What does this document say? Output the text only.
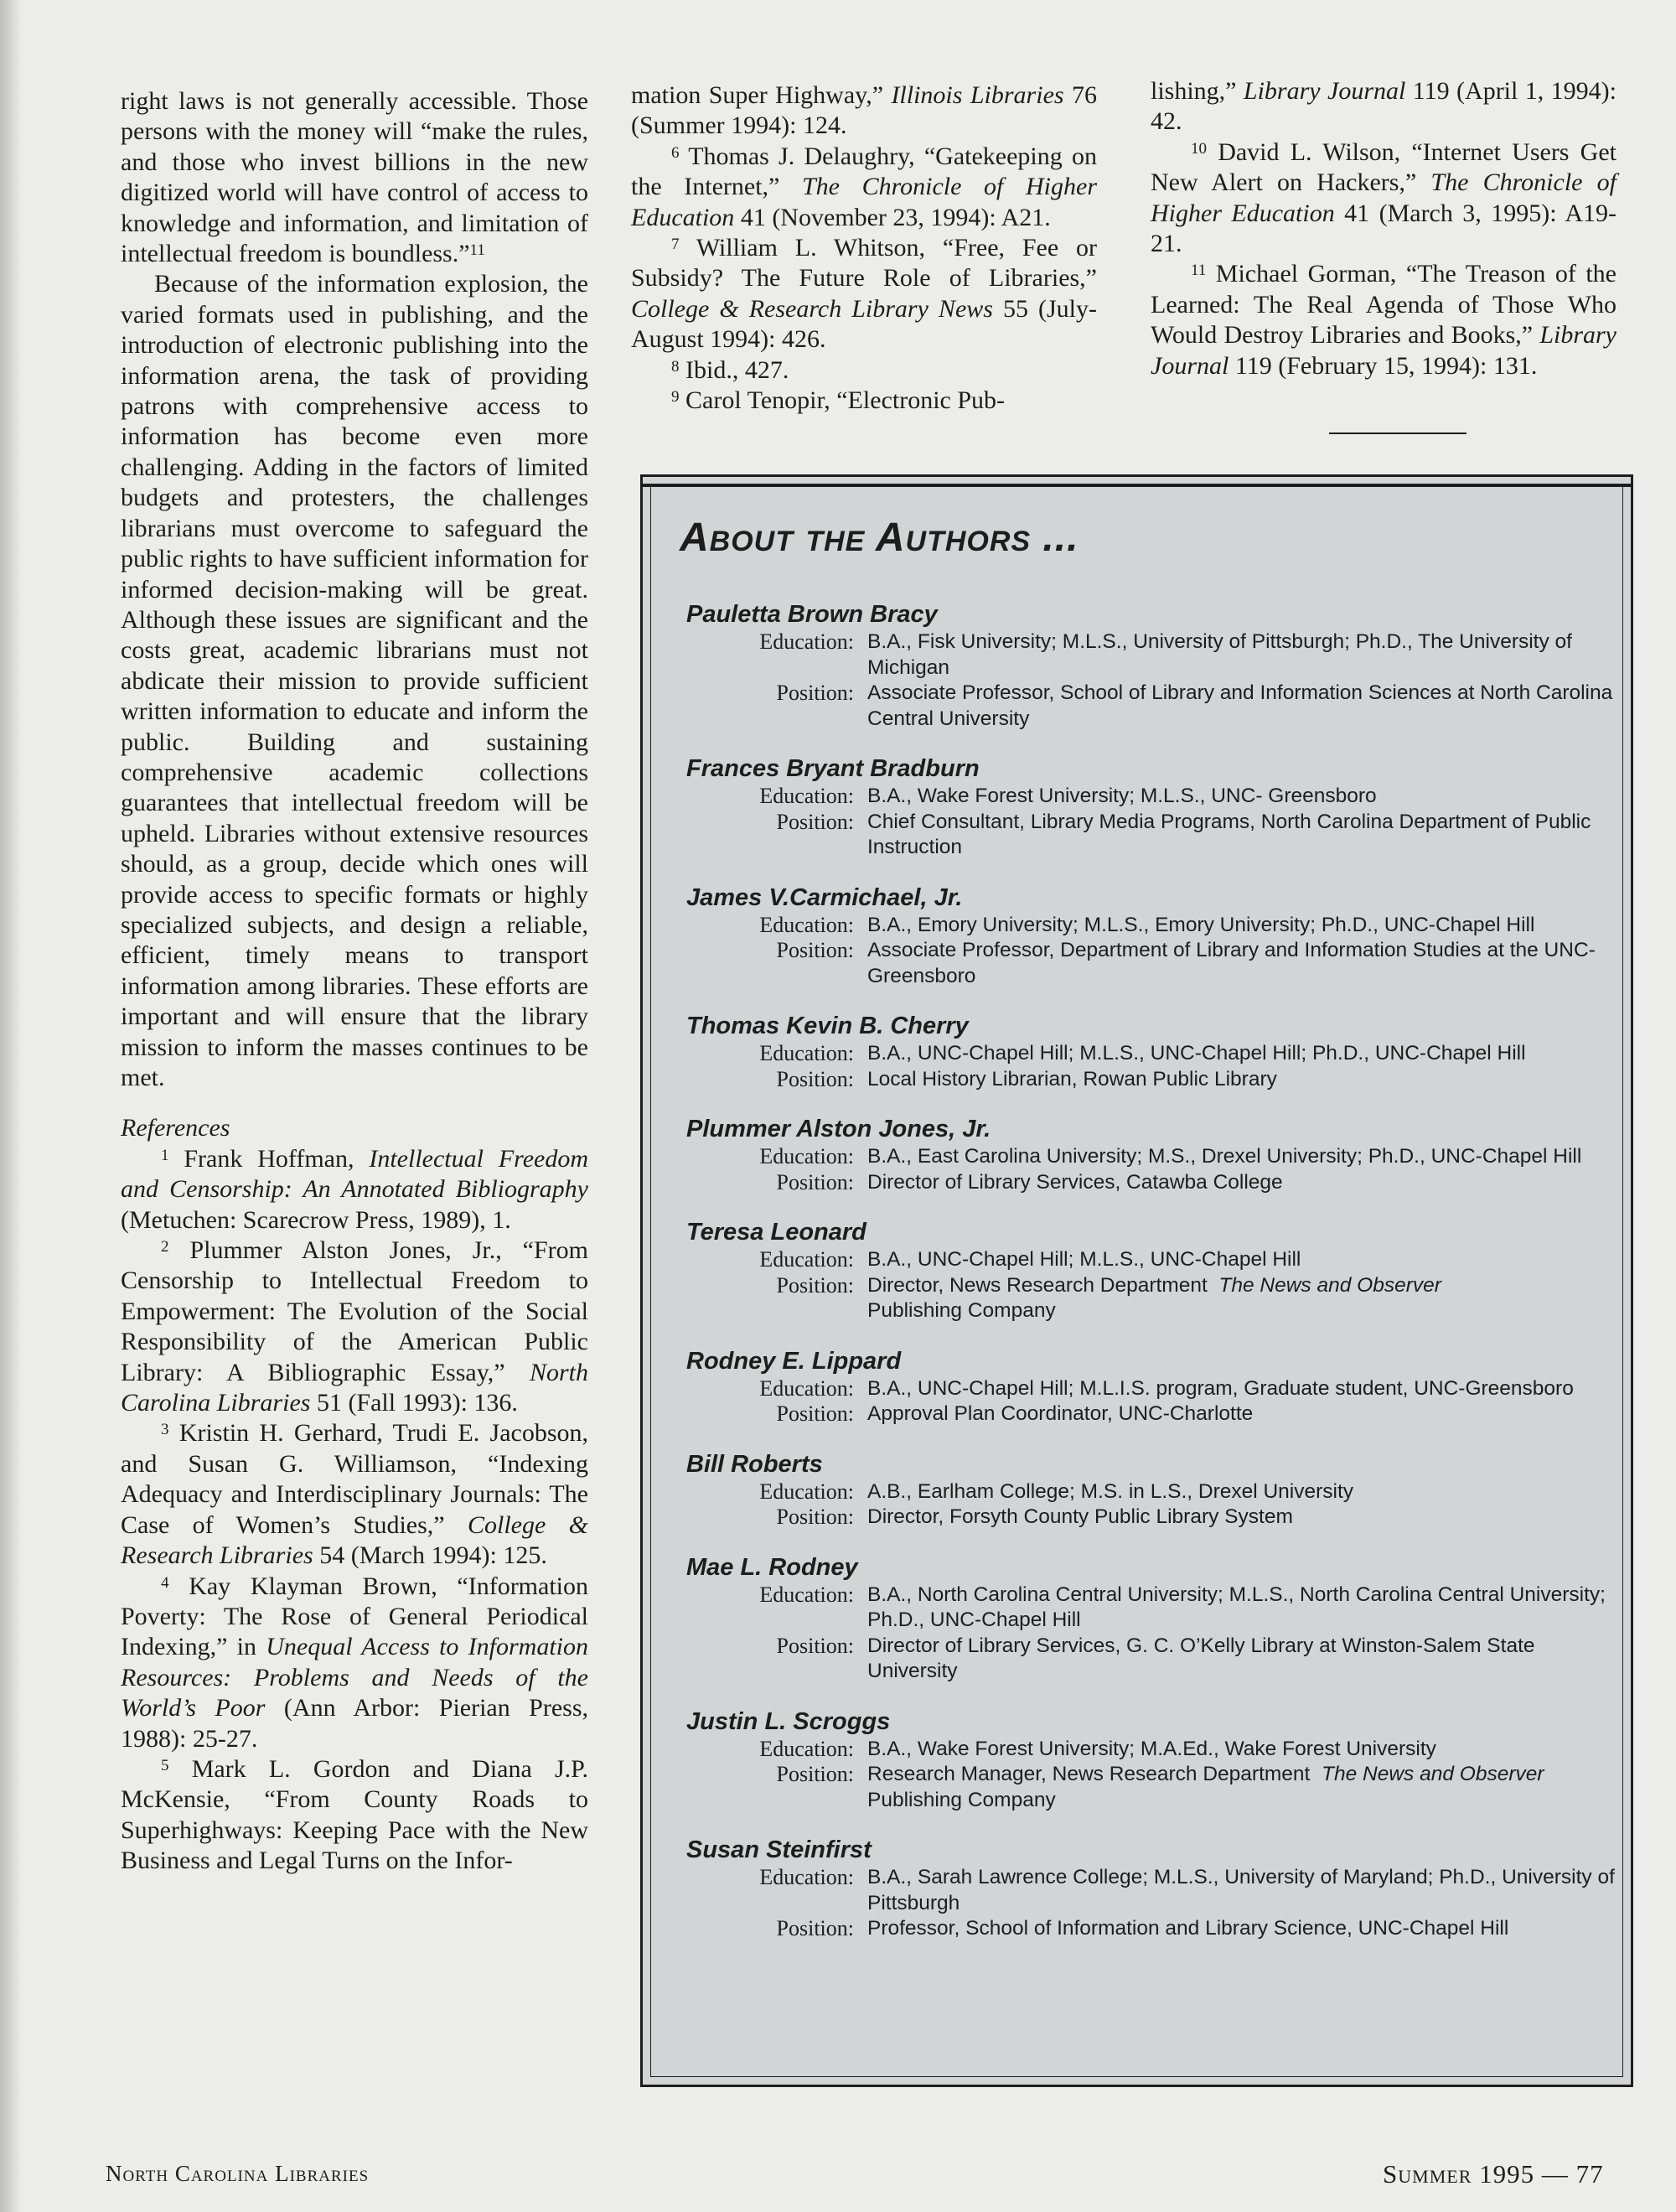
right laws is not generally accessible. Those persons with the money will “make the rules, and those who invest billions in the new digitized world will have control of access to knowledge and information, and limitation of intellectual freedom is boundless.”$^{11}$

Because of the information explosion, the varied formats used in publishing, and the introduction of electronic publishing into the information arena, the task of providing patrons with comprehensive access to information has become even more challenging. Adding in the factors of limited budgets and protesters, the challenges librarians must overcome to safeguard the public rights to have sufficient information for informed decision-making will be great. Although these issues are significant and the costs great, academic librarians must not abdicate their mission to provide sufficient written information to educate and inform the public. Building and sustaining comprehensive academic collections guarantees that intellectual freedom will be upheld. Libraries without extensive resources should, as a group, decide which ones will provide access to specific formats or highly specialized subjects, and design a reliable, efficient, timely means to transport information among libraries. These efforts are important and will ensure that the library mission to inform the masses continues to be met.

References

$^1$ Frank Hoffman, Intellectual Freedom and Censorship: An Annotated Bibliography (Metuchen: Scarecrow Press, 1989), 1.

$^2$ Plummer Alston Jones, Jr., “From Censorship to Intellectual Freedom to Empowerment: The Evolution of the Social Responsibility of the American Public Library: A Bibliographic Essay,” North Carolina Libraries 51 (Fall 1993): 136.

$^3$ Kristin H. Gerhard, Trudi E. Jacobson, and Susan G. Williamson, “Indexing Adequacy and Interdisciplinary Journals: The Case of Women’s Studies,” College & Research Libraries 54 (March 1994): 125.

$^4$ Kay Klayman Brown, “Information Poverty: The Rose of General Periodical Indexing,” in Unequal Access to Information Resources: Problems and Needs of the World’s Poor (Ann Arbor: Pierian Press, 1988): 25-27.

$^5$ Mark L. Gordon and Diana J.P. McKensie, “From County Roads to Superhighways: Keeping Pace with the New Business and Legal Turns on the Infor-

mation Super Highway,” Illinois Libraries 76 (Summer 1994): 124.

$^6$ Thomas J. Delaughry, “Gatekeeping on the Internet,” The Chronicle of Higher Education 41 (November 23, 1994): A21.

$^7$ William L. Whitson, “Free, Fee or Subsidy? The Future Role of Libraries,” College & Research Library News 55 (July-August 1994): 426.

$^8$ Ibid., 427.

$^9$ Carol Tenopir, “Electronic Pub-

lishing,” Library Journal 119 (April 1, 1994): 42.

$^{10}$ David L. Wilson, “Internet Users Get New Alert on Hackers,” The Chronicle of Higher Education 41 (March 3, 1995): A19-21.

$^{11}$ Michael Gorman, “The Treason of the Learned: The Real Agenda of Those Who Would Destroy Libraries and Books,” Library Journal 119 (February 15, 1994): 131.

About the Authors ...

Pauletta Brown Bracy

Education: B.A., Fisk University; M.L.S., University of Pittsburgh; Ph.D., The University of Michigan
Position: Associate Professor, School of Library and Information Sciences at North Carolina Central University

Frances Bryant Bradburn

Education: B.A., Wake Forest University; M.L.S., UNC- Greensboro
Position: Chief Consultant, Library Media Programs, North Carolina Department of Public Instruction

James V.Carmichael, Jr.

Education: B.A., Emory University; M.L.S., Emory University; Ph.D., UNC-Chapel Hill
Position: Associate Professor, Department of Library and Information Studies at the UNC-Greensboro

Thomas Kevin B. Cherry

Education: B.A., UNC-Chapel Hill; M.L.S., UNC-Chapel Hill; Ph.D., UNC-Chapel Hill
Position: Local History Librarian, Rowan Public Library

Plummer Alston Jones, Jr.

Education: B.A., East Carolina University; M.S., Drexel University; Ph.D., UNC-Chapel Hill
Position: Director of Library Services, Catawba College

Teresa Leonard

Education: B.A., UNC-Chapel Hill; M.L.S., UNC-Chapel Hill
Position: Director, News Research Department The News and Observer
Publishing Company

Rodney E. Lippard

Education: B.A., UNC-Chapel Hill; M.L.I.S. program, Graduate student, UNC-Greensboro
Position: Approval Plan Coordinator, UNC-Charlotte

Bill Roberts

Education: A.B., Earlham College; M.S. in L.S., Drexel University
Position: Director, Forsyth County Public Library System

Mae L. Rodney

Education: B.A., North Carolina Central University; M.L.S., North Carolina Central University; Ph.D., UNC-Chapel Hill
Position: Director of Library Services, G. C. O’Kelly Library at Winston-Salem State University

Justin L. Scroggs

Education: B.A., Wake Forest University; M.A.Ed., Wake Forest University
Position: Research Manager, News Research Department The News and Observer
Publishing Company

Susan Steinfirst

Education: B.A., Sarah Lawrence College; M.L.S., University of Maryland; Ph.D., University of Pittsburgh
Position: Professor, School of Information and Library Science, UNC-Chapel Hill
North Carolina Libraries	Summer 1995 — 77
